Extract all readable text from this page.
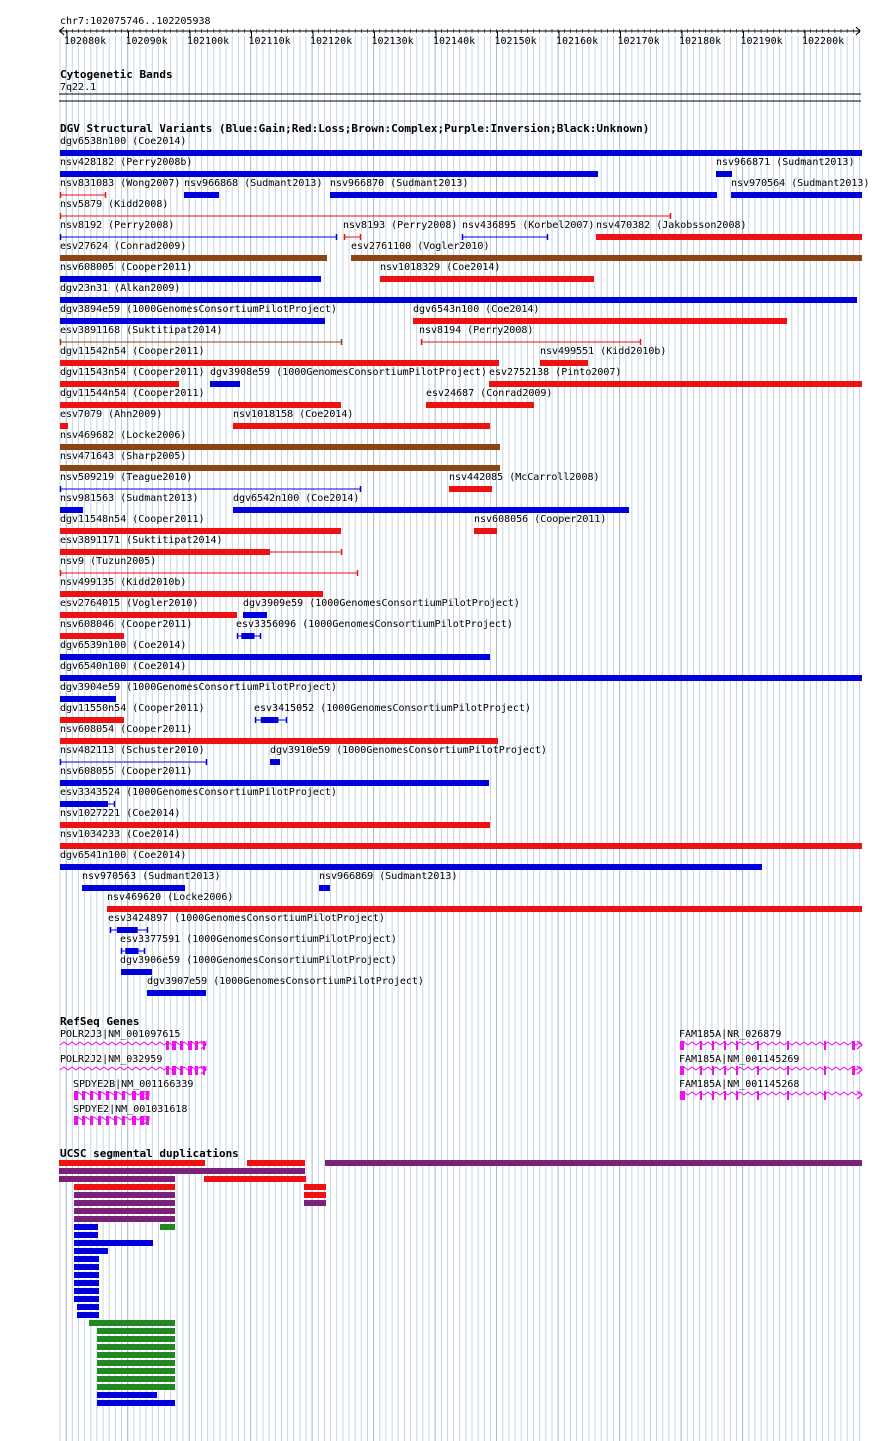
chr7:102075746..102205938
102080k 102090k 102100k 102110k 102120k 102130k 102140k 102150k 102160k 102170k 102180k 102190k 102200k
Cytogenetic Bands
7q22.1
DGV Structural Variants (Blue:Gain;Red:Loss;Brown:Complex;Purple:Inversion;Black:Unknown)
dgv6538n100 (Coe2014)
nsv428182 (Perry2008b)	nsv966871 (Sudmant2013)
nsv831083 (Wong2007) nsv966868 (Sudmant2013) nsv966870 (Sudmant2013)	nsv970564 (Sudmant2013)
nsv5879 (Kidd2008)
nsv8192 (Perry2008)	nsv8193 (Perry2008) nsv436895 (Korbel2007) nsv470382 (Jakobsson2008)
esv27624 (Conrad2009)	esv2761100 (Vogler2010)
nsv608005 (Cooper2011)	nsv1018329 (Coe2014)
dgv23n31 (Alkan2009)
dgv3894e59 (1000GenomesConsortiumPilotProject)	dgv6543n100 (Coe2014)
esv3891168 (Suktitipat2014)	nsv8194 (Perry2008)
dgv11542n54 (Cooper2011)	nsv499551 (Kidd2010b)
dgv11543n54 (Cooper2011) dgv3908e59 (1000GenomesConsortiumPilotProject) esv2752138 (Pinto2007)
dgv11544n54 (Cooper2011)	esv24687 (Conrad2009)
esv7079 (Ahn2009)	nsv1018158 (Coe2014)
nsv469682 (Locke2006)
nsv471643 (Sharp2005)
nsv509219 (Teague2010)	nsv442085 (McCarroll2008)
nsv981563 (Sudmant2013)	dgv6542n100 (Coe2014)
dgv11548n54 (Cooper2011)	nsv608056 (Cooper2011)
esv3891171 (Suktitipat2014)
nsv9 (Tuzun2005)
nsv499135 (Kidd2010b)
esv2764015 (Vogler2010)	dgv3909e59 (1000GenomesConsortiumPilotProject)
nsv608046 (Cooper2011)	esv3356096 (1000GenomesConsortiumPilotProject)
dgv6539n100 (Coe2014)
dgv6540n100 (Coe2014)
dgv3904e59 (1000GenomesConsortiumPilotProject)
dgv11550n54 (Cooper2011)	esv3415052 (1000GenomesConsortiumPilotProject)
nsv608054 (Cooper2011)
nsv482113 (Schuster2010)	dgv3910e59 (1000GenomesConsortiumPilotProject)
nsv608055 (Cooper2011)
esv3343524 (1000GenomesConsortiumPilotProject)
nsv1027221 (Coe2014)
nsv1034233 (Coe2014)
dgv6541n100 (Coe2014)
nsv970563 (Sudmant2013)	nsv966869 (Sudmant2013)
nsv469620 (Locke2006)
esv3424897 (1000GenomesConsortiumPilotProject)
esv3377591 (1000GenomesConsortiumPilotProject)
dgv3906e59 (1000GenomesConsortiumPilotProject)
dgv3907e59 (1000GenomesConsortiumPilotProject)
RefSeq Genes
POLR2J3|NM_001097615
POLR2J2|NM_032959
SPDYE2B|NM_001166339
SPDYE2|NM_001031618
FAM185A|NR_026879
FAM185A|NM_001145269
FAM185A|NM_001145268
UCSC segmental duplications
